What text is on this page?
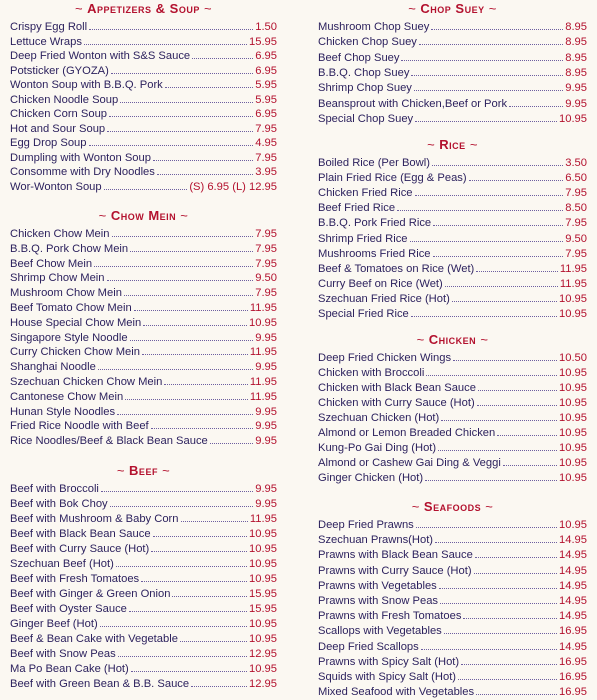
~ Appetizers & Soup ~
Crispy Egg Roll	1.50
Lettuce Wraps	15.95
Deep Fried Wonton with S&S Sauce	6.95
Potsticker (GYOZA)	6.95
Wonton Soup with B.B.Q. Pork	5.95
Chicken Noodle Soup	5.95
Chicken Corn Soup	6.95
Hot and Sour Soup	7.95
Egg Drop Soup	4.95
Dumpling with Wonton Soup	7.95
Consomme with Dry Noodles	3.95
Wor-Wonton Soup	(S) 6.95 (L) 12.95
~ Chow Mein ~
Chicken Chow Mein	7.95
B.B.Q. Pork Chow Mein	7.95
Beef Chow Mein	7.95
Shrimp Chow Mein	9.50
Mushroom Chow Mein	7.95
Beef Tomato Chow Mein	11.95
House Special Chow Mein	10.95
Singapore Style Noodle	9.95
Curry Chicken Chow Mein	11.95
Shanghai Noodle	9.95
Szechuan Chicken Chow Mein	11.95
Cantonese Chow Mein	11.95
Hunan Style Noodles	9.95
Fried Rice Noodle with Beef	9.95
Rice Noodles/Beef & Black Bean Sauce	9.95
~ Beef ~
Beef with Broccoli	9.95
Beef with Bok Choy	9.95
Beef with Mushroom & Baby Corn	11.95
Beef with Black Bean Sauce	10.95
Beef with Curry Sauce (Hot)	10.95
Szechuan Beef (Hot)	10.95
Beef with Fresh Tomatoes	10.95
Beef with Ginger & Green Onion	15.95
Beef with Oyster Sauce	15.95
Ginger Beef (Hot)	10.95
Beef & Bean Cake with Vegetable	10.95
Beef with Snow Peas	12.95
Ma Po Bean Cake (Hot)	10.95
Beef with Green Bean & B.B. Sauce	12.95
~ Chop Suey ~
Mushroom Chop Suey	8.95
Chicken Chop Suey	8.95
Beef Chop Suey	8.95
B.B.Q. Chop Suey	8.95
Shrimp Chop Suey	9.95
Beansprout with Chicken,Beef or Pork	9.95
Special Chop Suey	10.95
~ Rice ~
Boiled Rice (Per Bowl)	3.50
Plain Fried Rice (Egg & Peas)	6.50
Chicken Fried Rice	7.95
Beef Fried Rice	8.50
B.B.Q. Pork Fried Rice	7.95
Shrimp Fried Rice	9.50
Mushrooms Fried Rice	7.95
Beef & Tomatoes on Rice (Wet)	11.95
Curry Beef on Rice (Wet)	11.95
Szechuan Fried Rice (Hot)	10.95
Special Fried Rice	10.95
~ Chicken ~
Deep Fried Chicken Wings	10.50
Chicken with Broccoli	10.95
Chicken with Black Bean Sauce	10.95
Chicken with Curry Sauce (Hot)	10.95
Szechuan Chicken (Hot)	10.95
Almond or Lemon Breaded Chicken	10.95
Kung-Po Gai Ding (Hot)	10.95
Almond or Cashew Gai Ding & Veggi	10.95
Ginger Chicken (Hot)	10.95
~ Seafoods ~
Deep Fried Prawns	10.95
Szechuan Prawns(Hot)	14.95
Prawns with Black Bean Sauce	14.95
Prawns with Curry Sauce (Hot)	14.95
Prawns with Vegetables	14.95
Prawns with Snow Peas	14.95
Prawns with Fresh Tomatoes	14.95
Scallops with Vegetables	16.95
Deep Fried Scallops	14.95
Prawns with Spicy Salt (Hot)	16.95
Squids with Spicy Salt (Hot)	16.95
Mixed Seafood with Vegetables	16.95
